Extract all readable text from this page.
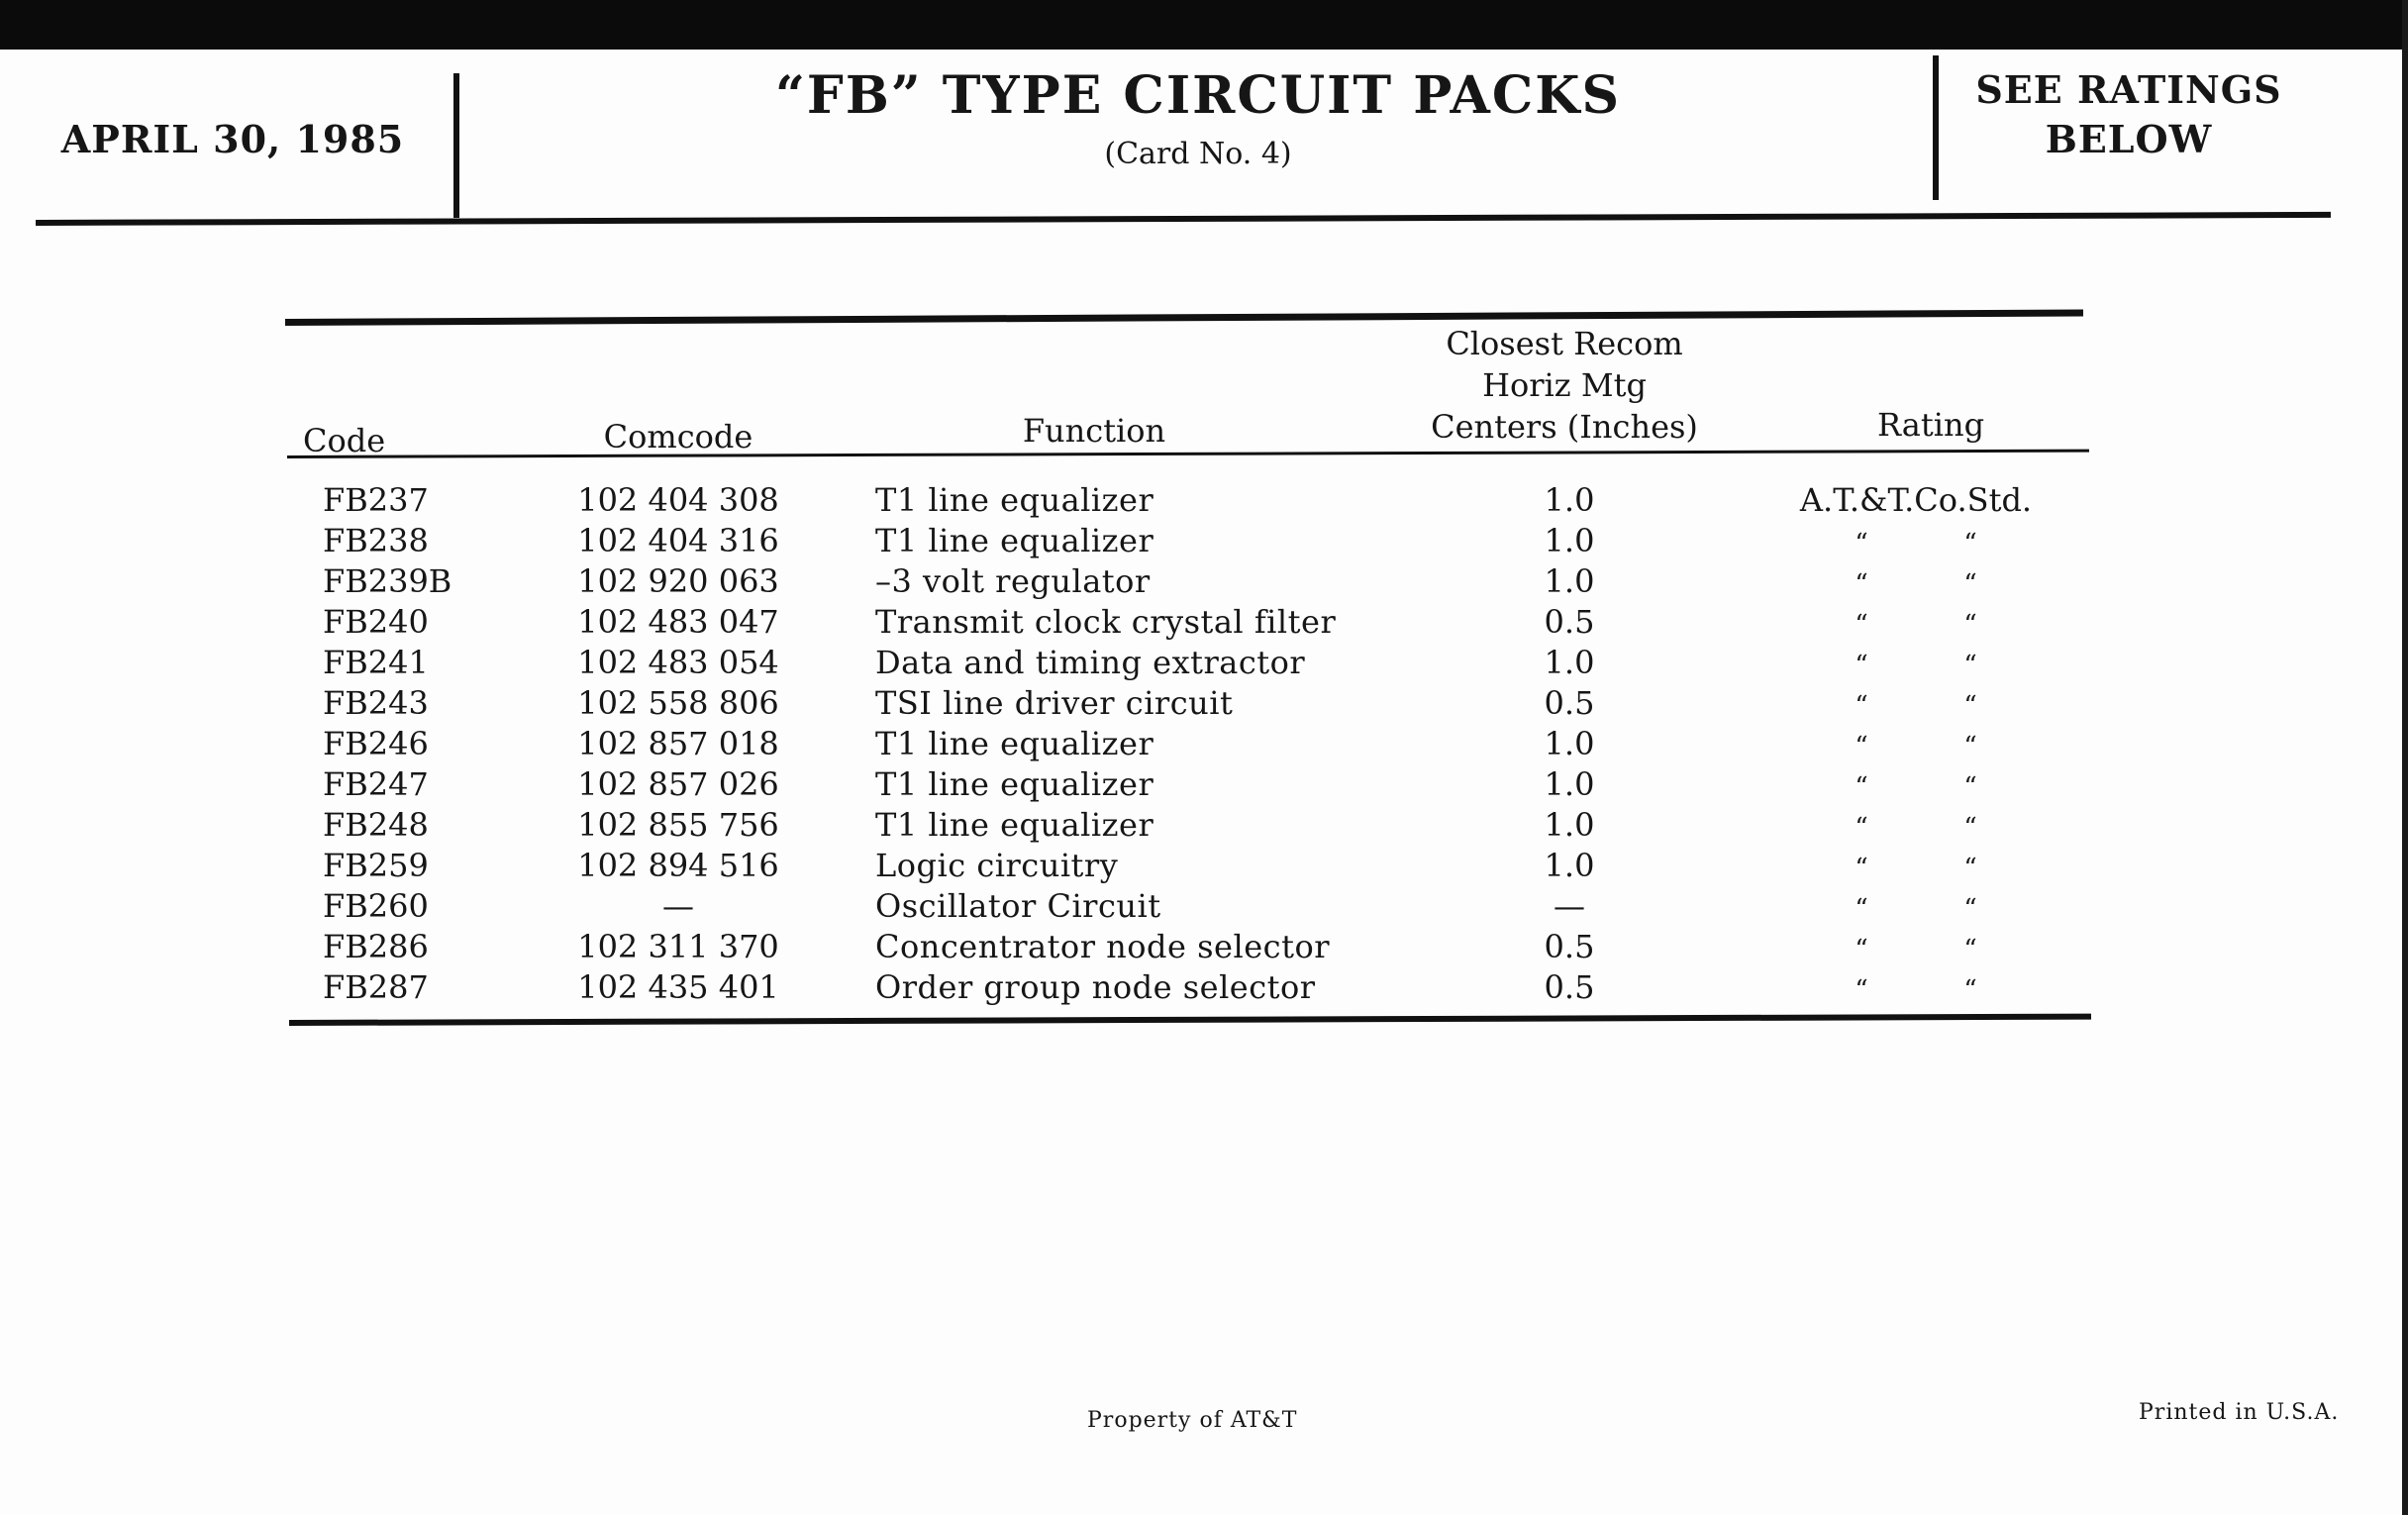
APRIL 30, 1985
“FB” TYPE CIRCUIT PACKS
(Card No. 4)
SEE RATINGS
BELOW
Code	Comcode	Function
Closest Recom
Horiz Mtg
Centers (Inches)	Rating
FB237	102 404 308	T1 line equalizer	1.0	A.T.&T.Co.Std.
FB238	102 404 316	T1 line equalizer	1.0	“	“
FB239B	102 920 063	–3 volt regulator	1.0	“	“
FB240	102 483 047	Transmit clock crystal filter	0.5	“	“
FB241	102 483 054	Data and timing extractor	1.0	“	“
FB243	102 558 806	TSI line driver circuit	0.5	“	“
FB246	102 857 018	T1 line equalizer	1.0	“	“
FB247	102 857 026	T1 line equalizer	1.0	“	“
FB248	102 855 756	T1 line equalizer	1.0	“	“
FB259	102 894 516	Logic circuitry	1.0	“	“
FB260	—	Oscillator Circuit	—	“	“
FB286	102 311 370	Concentrator node selector	0.5	“	“
FB287	102 435 401	Order group node selector	0.5	“	“
Property of AT&T	Printed in U.S.A.
